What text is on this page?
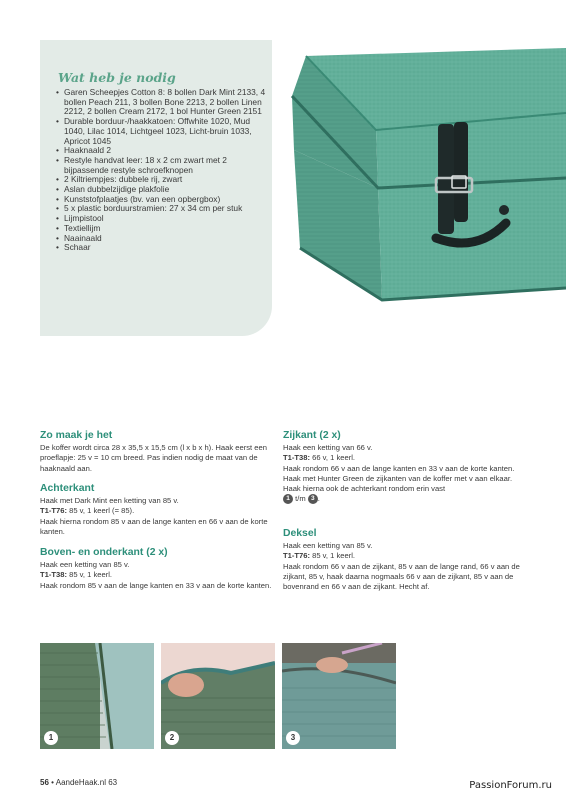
Wat heb je nodig
• Garen Scheepjes Cotton 8: 8 bollen Dark Mint 2133, 4 bollen Peach 211, 3 bollen Bone 2213, 2 bollen Linen 2212, 2 bollen Cream 2172, 1 bol Hunter Green 2151
• Durable borduur-/haakkatoen: Offwhite 1020, Mud 1040, Lilac 1014, Lichtgeel 1023, Licht-bruin 1033, Apricot 1045
• Haaknaald 2
• Restyle handvat leer: 18 x 2 cm zwart met 2 bijpassende restyle schroefknopen
• 2 Kiltriempjes: dubbele rij, zwart
• Aslan dubbelzijdige plakfolie
• Kunststofplaatjes (bv. van een opbergbox)
• 5 x plastic borduurstramien: 27 x 34 cm per stuk
• Lijmpistool
• Textiellijm
• Naainaald
• Schaar
Zo maak je het

De koffer wordt circa 28 x 35,5 x 15,5 cm (l x b x h). Haak eerst een proeflapje: 25 v = 10 cm breed. Pas indien nodig de maat van de haaknaald aan.

Achterkant

Haak met Dark Mint een ketting van 85 v.

T1-T76: 85 v, 1 keerl (= 85).

Haak hierna rondom 85 v aan de lange kanten en 66 v aan de korte kanten.

Boven- en onderkant (2 x)

Haak een ketting van 85 v.

T1-T38: 85 v, 1 keerl.

Haak rondom 85 v aan de lange kanten en 33 v aan de korte kanten.

Zijkant (2 x)

Haak een ketting van 66 v.

T1-T38: 66 v, 1 keerl.

Haak rondom 66 v aan de lange kanten en 33 v aan de korte kanten.

Haak met Hunter Green de zijkanten van de koffer met v aan elkaar. Haak hierna ook de achterkant rondom erin vast
1 t/m 3 .

Deksel

Haak een ketting van 85 v.

T1-T76: 85 v, 1 keerl.

Haak rondom 66 v aan de zijkant, 85 v aan de lange rand, 66 v aan de zijkant, 85 v, haak daarna nogmaals 66 v aan de zijkant, 85 v aan de bovenrand en 66 v aan de zijkant. Hecht af.

1	2	3
56 • AandeHaak.nl 63	PassionForum.ru
